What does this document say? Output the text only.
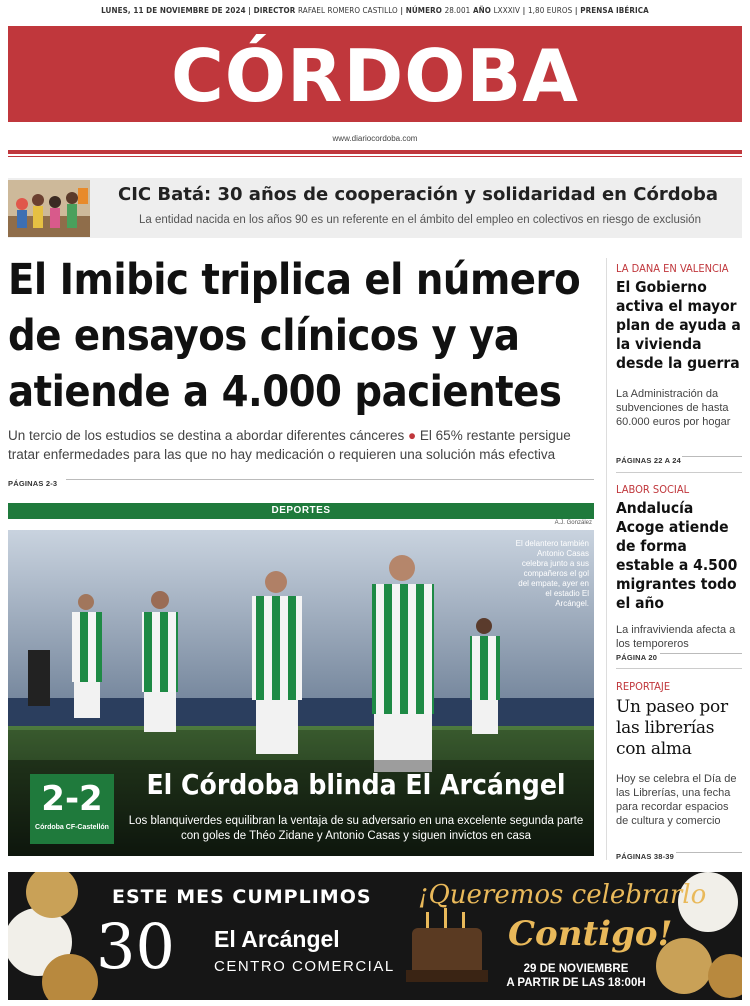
LUNES, 11 DE NOVIEMBRE DE 2024 | DIRECTOR RAFAEL ROMERO CASTILLO | NÚMERO 28.001 AÑO LXXXIV | 1,80 EUROS | PRENSA IBÉRICA
CÓRDOBA
www.diariocordoba.com
CIC Batá: 30 años de cooperación y solidaridad en Córdoba
La entidad nacida en los años 90 es un referente en el ámbito del empleo en colectivos en riesgo de exclusión
El Imibic triplica el número de ensayos clínicos y ya atiende a 4.000 pacientes
Un tercio de los estudios se destina a abordar diferentes cánceres ● El 65% restante persigue tratar enfermedades para las que no hay medicación o requieren una solución más efectiva
PÁGINAS 2-3
DEPORTES
A.J. González
El delantero también Antonio Casas celebra junto a sus compañeros el gol del empate, ayer en el estadio El Arcángel.
2-2
Córdoba CF-Castellón
El Córdoba blinda El Arcángel
Los blanquiverdes equilibran la ventaja de su adversario en una excelente segunda parte con goles de Théo Zidane y Antonio Casas y siguen invictos en casa
LA DANA EN VALENCIA
El Gobierno activa el mayor plan de ayuda a la vivienda desde la guerra
La Administración da subvenciones de hasta 60.000 euros por hogar
PÁGINAS 22 A 24
LABOR SOCIAL
Andalucía Acoge atiende de forma estable a 4.500 migrantes todo el año
La infravivienda afecta a los temporeros
PÁGINA 20
REPORTAJE
Un paseo por las librerías con alma
Hoy se celebra el Día de las Librerías, una fecha para recordar espacios de cultura y comercio
PÁGINAS 38-39
ESTE MES CUMPLIMOS
30 El Arcángel
CENTRO COMERCIAL
¡Queremos celebrarlo
Contigo!
29 DE NOVIEMBRE
A PARTIR DE LAS 18:00H
